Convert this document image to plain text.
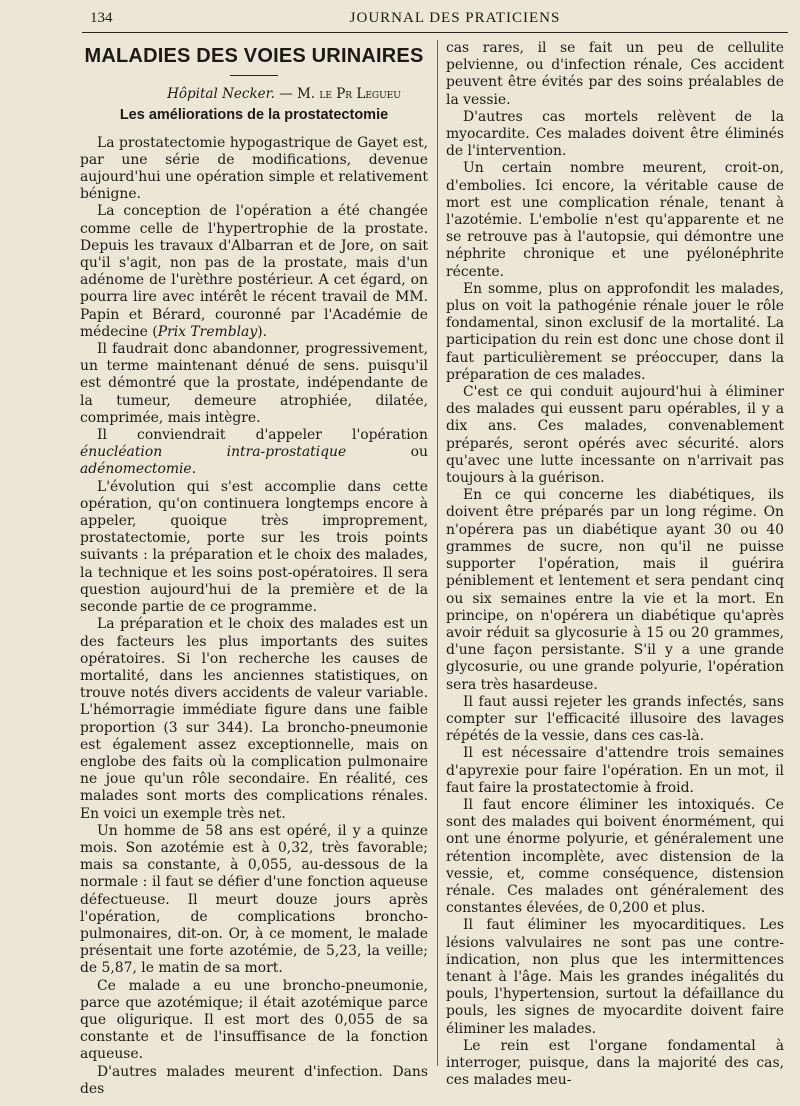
134	JOURNAL DES PRATICIENS
MALADIES DES VOIES URINAIRES

Hôpital Necker. — M. le Pr Legueu

Les améliorations de la prostatectomie

La prostatectomie hypogastrique de Gayet est, par une série de modifications, devenue aujourd'hui une opération simple et relativement bénigne.

La conception de l'opération a été changée comme celle de l'hypertrophie de la prostate. Depuis les travaux d'Albarran et de Jore, on sait qu'il s'agit, non pas de la prostate, mais d'un adénome de l'urèthre postérieur. A cet égard, on pourra lire avec intérêt le récent travail de MM. Papin et Bérard, couronné par l'Académie de médecine (Prix Tremblay).

Il faudrait donc abandonner, progressivement, un terme maintenant dénué de sens. puisqu'il est démontré que la prostate, indépendante de la tumeur, demeure atrophiée, dilatée, comprimée, mais intègre.

Il conviendrait d'appeler l'opération énucléation intra-prostatique ou adénomectomie.

L'évolution qui s'est accomplie dans cette opération, qu'on continuera longtemps encore à appeler, quoique très improprement, prostatectomie, porte sur les trois points suivants : la préparation et le choix des malades, la technique et les soins post-opératoires. Il sera question aujourd'hui de la première et de la seconde partie de ce programme.

La préparation et le choix des malades est un des facteurs les plus importants des suites opératoires. Si l'on recherche les causes de mortalité, dans les anciennes statistiques, on trouve notés divers accidents de valeur variable. L'hémorragie immédiate figure dans une faible proportion (3 sur 344). La broncho-pneumonie est également assez exceptionnelle, mais on englobe des faits où la complication pulmonaire ne joue qu'un rôle secondaire. En réalité, ces malades sont morts des complications rénales. En voici un exemple très net.

Un homme de 58 ans est opéré, il y a quinze mois. Son azotémie est à 0,32, très favorable; mais sa constante, à 0,055, au-dessous de la normale : il faut se défier d'une fonction aqueuse défectueuse. Il meurt douze jours après l'opération, de complications broncho-pulmonaires, dit-on. Or, à ce moment, le malade présentait une forte azotémie, de 5,23, la veille; de 5,87, le matin de sa mort.

Ce malade a eu une broncho-pneumonie, parce que azotémique; il était azotémique parce que oligurique. Il est mort des 0,055 de sa constante et de l'insuffisance de la fonction aqueuse.

D'autres malades meurent d'infection. Dans des

cas rares, il se fait un peu de cellulite pelvienne, ou d'infection rénale, Ces accident peuvent être évités par des soins préalables de la vessie.

D'autres cas mortels relèvent de la myocardite. Ces malades doivent être éliminés de l'intervention.

Un certain nombre meurent, croit-on, d'embolies. Ici encore, la véritable cause de mort est une complication rénale, tenant à l'azotémie. L'embolie n'est qu'apparente et ne se retrouve pas à l'autopsie, qui démontre une néphrite chronique et une pyélonéphrite récente.

En somme, plus on approfondit les malades, plus on voit la pathogénie rénale jouer le rôle fondamental, sinon exclusif de la mortalité. La participation du rein est donc une chose dont il faut particulièrement se préoccuper, dans la préparation de ces malades.

C'est ce qui conduit aujourd'hui à éliminer des malades qui eussent paru opérables, il y a dix ans. Ces malades, convenablement préparés, seront opérés avec sécurité. alors qu'avec une lutte incessante on n'arrivait pas toujours à la guérison.

En ce qui concerne les diabétiques, ils doivent être préparés par un long régime. On n'opérera pas un diabétique ayant 30 ou 40 grammes de sucre, non qu'il ne puisse supporter l'opération, mais il guérira péniblement et lentement et sera pendant cinq ou six semaines entre la vie et la mort. En principe, on n'opérera un diabétique qu'après avoir réduit sa glycosurie à 15 ou 20 grammes, d'une façon persistante. S'il y a une grande glycosurie, ou une grande polyurie, l'opération sera très hasardeuse.

Il faut aussi rejeter les grands infectés, sans compter sur l'efficacité illusoire des lavages répétés de la vessie, dans ces cas-là.

Il est nécessaire d'attendre trois semaines d'apyrexie pour faire l'opération. En un mot, il faut faire la prostatectomie à froid.

Il faut encore éliminer les intoxiqués. Ce sont des malades qui boivent énormément, qui ont une énorme polyurie, et généralement une rétention incomplète, avec distension de la vessie, et, comme conséquence, distension rénale. Ces malades ont généralement des constantes élevées, de 0,200 et plus.

Il faut éliminer les myocarditiques. Les lésions valvulaires ne sont pas une contre-indication, non plus que les intermittences tenant à l'âge. Mais les grandes inégalités du pouls, l'hypertension, surtout la défaillance du pouls, les signes de myocardite doivent faire éliminer les malades.

Le rein est l'organe fondamental à interroger, puisque, dans la majorité des cas, ces malades meu-
